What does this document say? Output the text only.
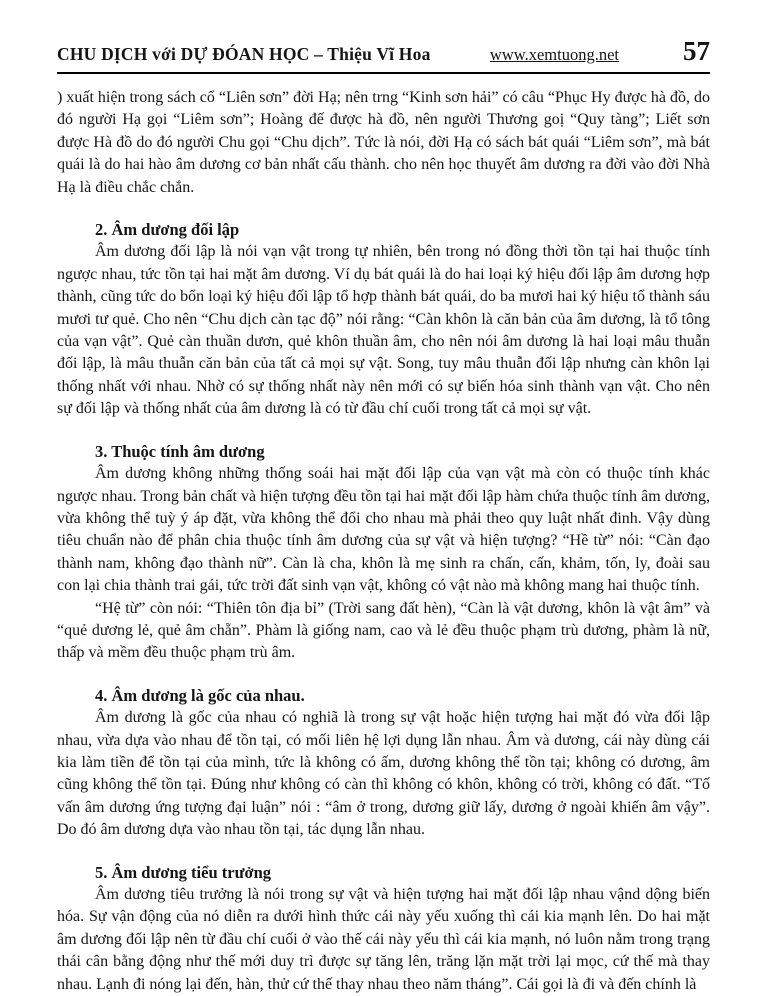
CHU DỊCH với DỰ ĐÓAN HỌC – Thiệu Vĩ Hoa	www.xemtuong.net 57

) xuất hiện trong sách cổ “Liên sơn” đời Hạ; nên trng “Kinh sơn hải” có câu “Phục Hy được hà đồ, do đó người Hạ gọi “Liêm sơn”; Hoàng đế được hà đồ, nên người Thương goị “Quy tàng”; Liết sơn được Hà đồ do đó người Chu gọi “Chu dịch”. Tức là nói, đời Hạ có sách bát quái “Liêm sơn”, mà bát quái là do hai hào âm dương cơ bản nhất cấu thành. cho nên học thuyết âm dương ra đời vào đời Nhà Hạ là điều chắc chắn.

2. Âm dương đối lập

Âm dương đối lập là nói vạn vật trong tự nhiên, bên trong nó đồng thời tồn tại hai thuộc tính ngược nhau, tức tồn tại hai mặt âm dương. Ví dụ bát quái là do hai loại ký hiệu đối lập âm dương hợp thành, cũng tức do bổn loại ký hiệu đối lập tổ hợp thành bát quái, do ba mươi hai ký hiệu tổ thành sáu mươi tư quẻ. Cho nên “Chu dịch càn tạc độ” nói rằng: “Càn khôn là căn bản của âm dương, là tổ tông của vạn vật”. Quẻ càn thuần dươn, quẻ khôn thuần âm, cho nên nói âm dương là hai loại mâu thuẫn đối lập, là mâu thuẫn căn bản của tất cả mọi sự vật. Song, tuy mâu thuẫn đối lập nhưng càn khôn lại thống nhất với nhau. Nhờ có sự thống nhất này nên mới có sự biến hóa sinh thành vạn vật. Cho nên sự đối lập và thống nhất của âm dương là có từ đầu chí cuối trong tất cả mọi sự vật.

3. Thuộc tính âm dương

Âm dương không những thống soái hai mặt đối lập của vạn vật mà còn có thuộc tính khác ngược nhau. Trong bản chất và hiện tượng đều tồn tại hai mặt đối lập hàm chứa thuộc tính âm dương, vừa không thể tuỳ ý áp đặt, vừa không thể đổi cho nhau mà phải theo quy luật nhất đinh. Vậy dùng tiêu chuẩn nào để phân chia thuộc tính âm dương của sự vật và hiện tượng? “Hề từ” nói: “Càn đạo thành nam, không đạo thành nữ”. Càn là cha, khôn là mẹ sinh ra chấn, cấn, khảm, tốn, ly, đoài sau con lại chia thành trai gái, tức trời đất sinh vạn vật, không có vật nào mà không mang hai thuộc tính.

“Hệ từ” còn nói: “Thiên tôn địa bỉ” (Trời sang đất hèn), “Càn là vật dương, khôn là vật âm” và “quẻ dương lẻ, quẻ âm chẵn”. Phàm là giống nam, cao và lẻ đều thuộc phạm trù dương, phàm là nữ, thấp và mềm đều thuộc phạm trù âm.

4. Âm dương là gốc của nhau.

Âm dương là gốc của nhau có nghiã là trong sự vật hoặc hiện tượng hai mặt đó vừa đối lập nhau, vừa dựa vào nhau để tồn tại, có mối liên hệ lợi dụng lẫn nhau. Âm và dương, cái này dùng cái kia làm tiền để tồn tại của mình, tức là không có ấm, dương không thể tồn tại; không có dương, âm cũng không thể tồn tại. Đúng như không có càn thì không có khôn, không có trời, không có đất. “Tố vấn âm dương ứng tượng đại luận” nói : “âm ở trong, dương giữ lấy, dương ở ngoài khiến âm vậy”. Do đó âm dương dựa vào nhau tồn tại, tác dụng lẫn nhau.

5. Âm dương tiểu trưởng

Âm dương tiêu trưởng là nói trong sự vật và hiện tượng hai mặt đối lập nhau vậnd dộng biến hóa. Sự vận động của nó diễn ra dưới hình thức cái này yếu xuống thì cái kia mạnh lên. Do hai mặt âm dương đối lập nên từ đầu chí cuối ở vào thế cái này yếu thì cái kia mạnh, nó luôn nằm trong trạng thái cân bằng động như thế mới duy trì được sự tăng lên, trăng lặn mặt trời lại mọc, cứ thế mà thay nhau. Lạnh đi nóng lại đến, hàn, thử cứ thế thay nhau theo năm tháng”. Cái gọi là đi và đến chính là
